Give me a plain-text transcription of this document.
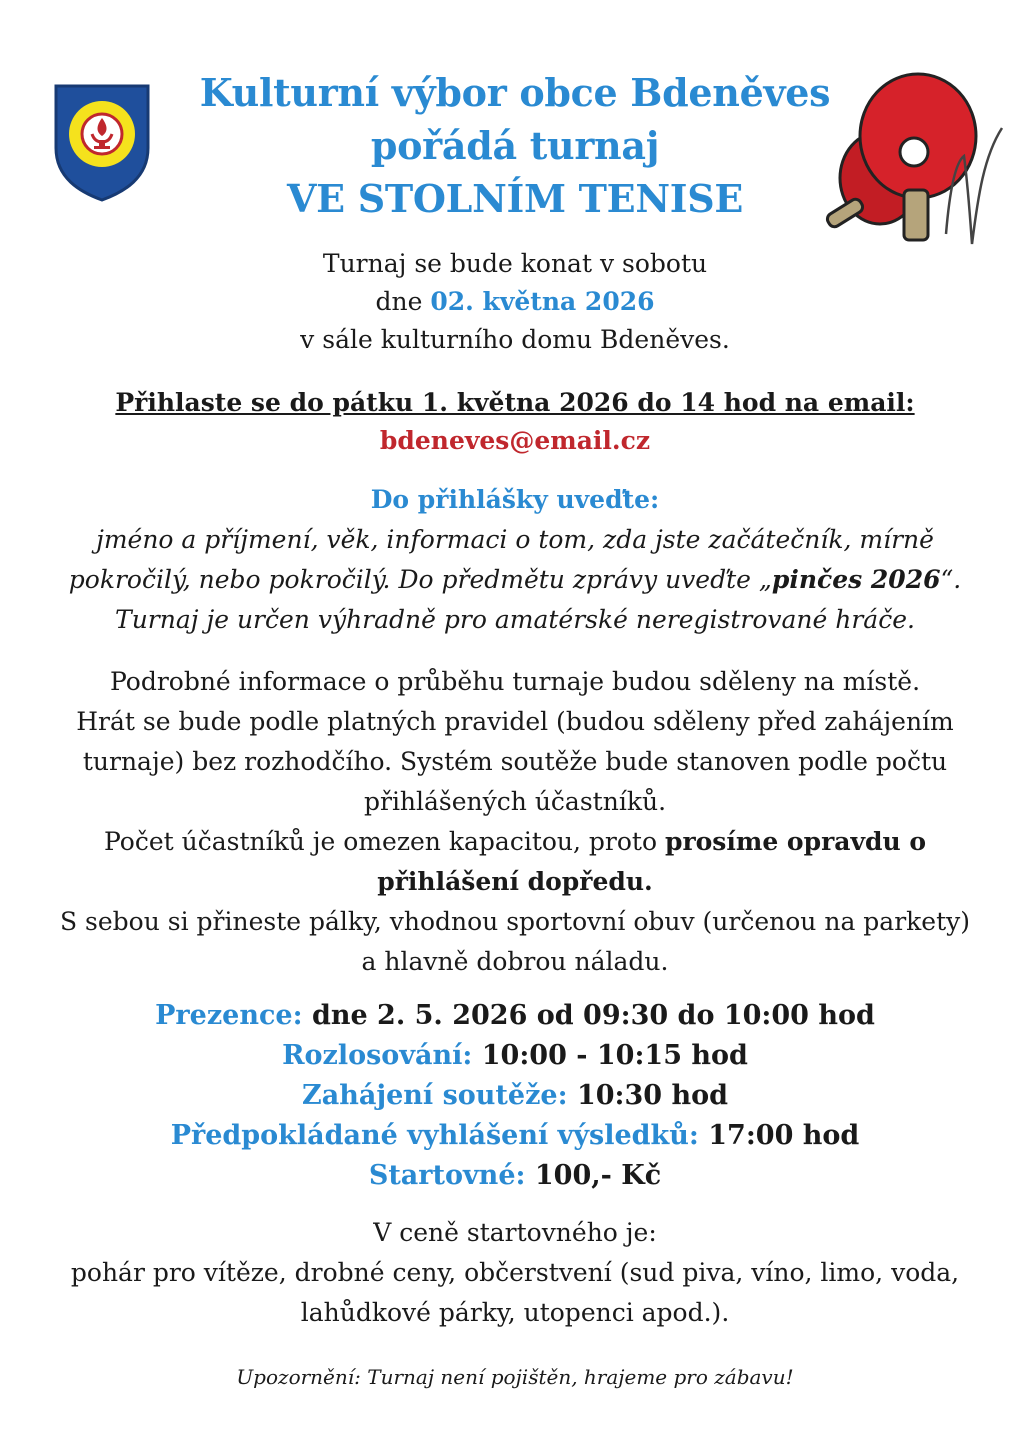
Kulturní výbor obce Bdeněves
pořádá turnaj
VE STOLNÍM TENISE
Turnaj se bude konat v sobotu
dne 02. května 2026
v sále kulturního domu Bdeněves.
Přihlaste se do pátku 1. května 2026 do 14 hod na email:
bdeneves@email.cz
Do přihlášky uveďte:
jméno a příjmení, věk, informaci o tom, zda jste začátečník, mírně
pokročilý, nebo pokročilý. Do předmětu zprávy uveďte „pinčes 2026“.
Turnaj je určen výhradně pro amatérské neregistrované hráče.
Podrobné informace o průběhu turnaje budou sděleny na místě.
Hrát se bude podle platných pravidel (budou sděleny před zahájením
turnaje) bez rozhodčího. Systém soutěže bude stanoven podle počtu
přihlášených účastníků.
Počet účastníků je omezen kapacitou, proto prosíme opravdu o
přihlášení dopředu.
S sebou si přineste pálky, vhodnou sportovní obuv (určenou na parkety)
a hlavně dobrou náladu.
Prezence: dne 2. 5. 2026 od 09:30 do 10:00 hod
Rozlosování: 10:00 - 10:15 hod
Zahájení soutěže: 10:30 hod
Předpokládané vyhlášení výsledků: 17:00 hod
Startovné: 100,- Kč
V ceně startovného je:
pohár pro vítěze, drobné ceny, občerstvení (sud piva, víno, limo, voda,
lahůdkové párky, utopenci apod.).
Upozornění: Turnaj není pojištěn, hrajeme pro zábavu!
